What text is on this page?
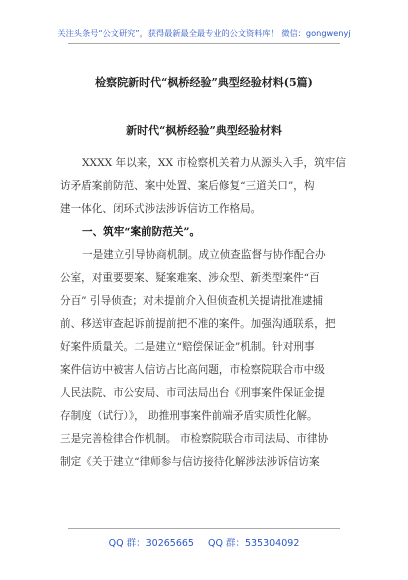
关注头条号“公文研究”，获得最新最全最专业的公文资料库！ 微信：gongwenyj
检察院新时代“枫桥经验”典型经验材料(5篇)
新时代“枫桥经验”典型经验材料
XXXX 年以来，XX 市检察机关着力从源头入手，筑牢信
访矛盾案前防范、案中处置、案后修复“三道关口”，构
建一体化、闭环式涉法涉诉信访工作格局。
一、筑牢“案前防范关”。
一是建立引导协商机制。成立侦查监督与协作配合办
公室，对重要要案、疑案难案、涉众型、新类型案件“百
分百” 引导侦查；对未提前介入但侦查机关提请批准逮捕
前、移送审查起诉前提前把不准的案件。加强沟通联系，把
好案件质量关。二是建立“赔偿保证金”机制。针对刑事
案件信访中被害人信访占比高问题，市检察院联合市中级
人民法院、市公安局、市司法局出台《刑事案件保证金提
存制度（试行）》， 助推刑事案件前端矛盾实质性化解。
三是完善检律合作机制。 市检察院联合市司法局、市律协
制定《关于建立“律师参与信访接待化解涉法涉诉信访案
QQ 群：30265665 QQ 群：535304092
